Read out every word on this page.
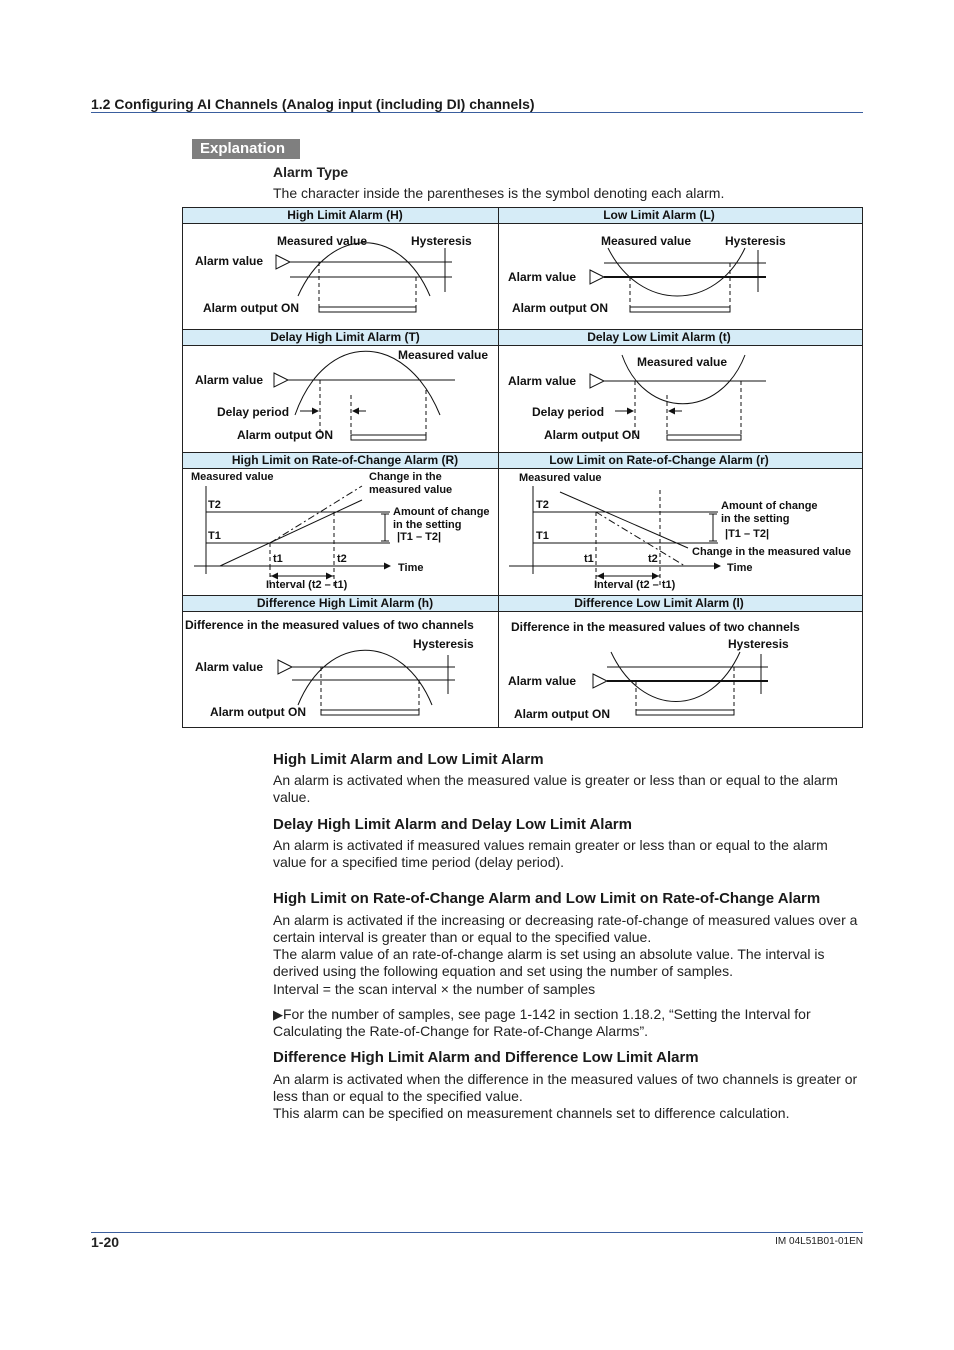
1.2 Configuring AI Channels (Analog input (including DI) channels)
Explanation
Alarm Type
The character inside the parentheses is the symbol denoting each alarm.
High Limit Alarm (H)	Low Limit Alarm (L)
Delay High Limit Alarm (T)	Delay Low Limit Alarm (t)
High Limit on Rate-of-Change Alarm (R)	Low Limit on Rate-of-Change Alarm (r)
Difference High Limit Alarm (h)	Difference Low Limit Alarm (l)
Measured value	Hysteresis
Alarm value
Alarm output ON
Measured value	Hysteresis
Alarm value
Alarm output ON
Measured value
Alarm value
Delay period
Alarm output ON
Measured value
Alarm value
Delay period
Alarm output ON
Measured value	Change in the
measured value
Amount of change
in the setting
|T1 – T2|
T2
T1
t1	t2
Time
Interval (t2 – t1)
Measured value
Amount of change
in the setting
|T1 – T2|
Change in the measured value
T2
T1
t1	t2
Time
Interval (t2 – t1)
Difference in the measured values of two channels
Hysteresis
Alarm value
Alarm output ON
Difference in the measured values of two channels
Hysteresis
Alarm value
Alarm output ON
High Limit Alarm and Low Limit Alarm
An alarm is activated when the measured value is greater or less than or equal to the alarm value.
Delay High Limit Alarm and Delay Low Limit Alarm
An alarm is activated if measured values remain greater or less than or equal to the alarm value for a specified time period (delay period).
High Limit on Rate-of-Change Alarm and Low Limit on Rate-of-Change Alarm
An alarm is activated if the increasing or decreasing rate-of-change of measured values over a certain interval is greater than or equal to the specified value.
The alarm value of an rate-of-change alarm is set using an absolute value. The interval is derived using the following equation and set using the number of samples.
Interval = the scan interval × the number of samples
▶For the number of samples, see page 1-142 in section 1.18.2, “Setting the Interval for Calculating the Rate-of-Change for Rate-of-Change Alarms”.
Difference High Limit Alarm and Difference Low Limit Alarm
An alarm is activated when the difference in the measured values of two channels is greater or less than or equal to the specified value.
This alarm can be specified on measurement channels set to difference calculation.
1-20	IM 04L51B01-01EN
